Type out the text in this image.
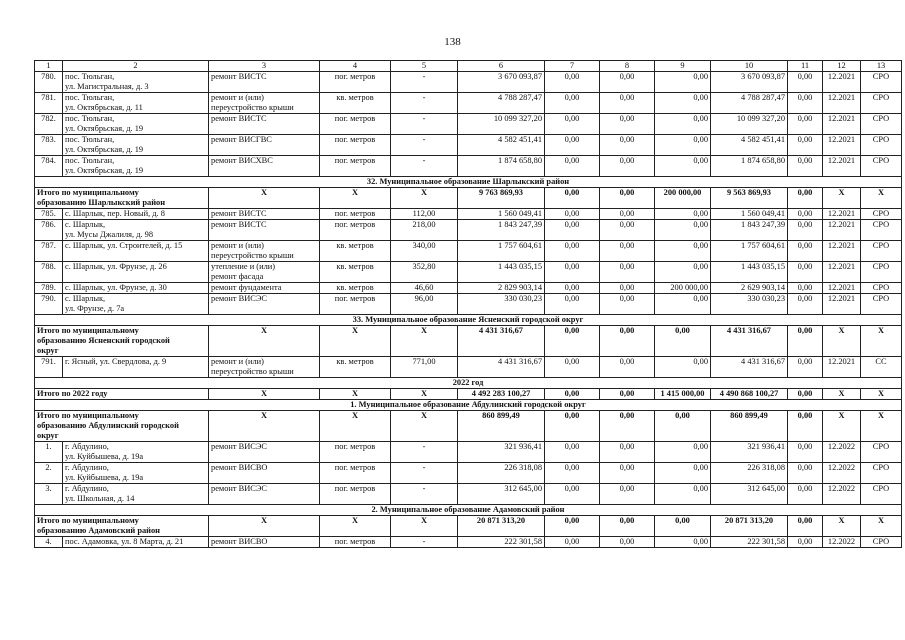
138
1	2	3	4	5	6	7	8	9	10	11	12	13
780.	пос. Тюльган,
ул. Магистральная, д. 3	ремонт ВИСТС	пог. метров	-	3 670 093,87	0,00	0,00	0,00	3 670 093,87	0,00	12.2021	СРО
781.	пос. Тюльган,
ул. Октябрьская, д. 11	ремонт и (или)
переустройство крыши	кв. метров	-	4 788 287,47	0,00	0,00	0,00	4 788 287,47	0,00	12.2021	СРО
782.	пос. Тюльган,
ул. Октябрьская, д. 19	ремонт ВИСТС	пог. метров	-	10 099 327,20	0,00	0,00	0,00	10 099 327,20	0,00	12.2021	СРО
783.	пос. Тюльган,
ул. Октябрьская, д. 19	ремонт ВИСГВС	пог. метров	-	4 582 451,41	0,00	0,00	0,00	4 582 451,41	0,00	12.2021	СРО
784.	пос. Тюльган,
ул. Октябрьская, д. 19	ремонт ВИСХВС	пог. метров	-	1 874 658,80	0,00	0,00	0,00	1 874 658,80	0,00	12.2021	СРО
32. Муниципальное образование Шарлыкский район												
Итого по муниципальному
образованию Шарлыкский район		X	X	X	9 763 869,93	0,00	0,00	200 000,00	9 563 869,93	0,00	X	X
785.	с. Шарлык, пер. Новый, д. 8	ремонт ВИСТС	пог. метров	112,00	1 560 049,41	0,00	0,00	0,00	1 560 049,41	0,00	12.2021	СРО
786.	с. Шарлык,
ул. Мусы Джалиля, д. 98	ремонт ВИСТС	пог. метров	218,00	1 843 247,39	0,00	0,00	0,00	1 843 247,39	0,00	12.2021	СРО
787.	с. Шарлык, ул. Строителей, д. 15	ремонт и (или)
переустройство крыши	кв. метров	340,00	1 757 604,61	0,00	0,00	0,00	1 757 604,61	0,00	12.2021	СРО
788.	с. Шарлык, ул. Фрунзе, д. 26	утепление и (или)
ремонт фасада	кв. метров	352,80	1 443 035,15	0,00	0,00	0,00	1 443 035,15	0,00	12.2021	СРО
789.	с. Шарлык, ул. Фрунзе, д. 30	ремонт фундамента	кв. метров	46,60	2 829 903,14	0,00	0,00	200 000,00	2 629 903,14	0,00	12.2021	СРО
790.	с. Шарлык,
ул. Фрунзе, д. 7а	ремонт ВИСЭС	пог. метров	96,00	330 030,23	0,00	0,00	0,00	330 030,23	0,00	12.2021	СРО
33. Муниципальное образование Ясненский городской округ												
Итого по муниципальному
образованию Ясненский городской
округ		X	X	X	4 431 316,67	0,00	0,00	0,00	4 431 316,67	0,00	X	X
791.	г. Ясный, ул. Свердлова, д. 9	ремонт и (или)
переустройство крыши	кв. метров	771,00	4 431 316,67	0,00	0,00	0,00	4 431 316,67	0,00	12.2021	СС
2022 год												
Итого по 2022 году		X	X	X	4 492 283 100,27	0,00	0,00	1 415 000,00	4 490 868 100,27	0,00	X	X
1. Муниципальное образование Абдулинский городской округ												
Итого по муниципальному
образованию Абдулинский городской
округ		X	X	X	860 899,49	0,00	0,00	0,00	860 899,49	0,00	X	X
1.	г. Абдулино,
ул. Куйбышева, д. 19а	ремонт ВИСЭС	пог. метров	-	321 936,41	0,00	0,00	0,00	321 936,41	0,00	12.2022	СРО
2.	г. Абдулино,
ул. Куйбышева, д. 19а	ремонт ВИСВО	пог. метров	-	226 318,08	0,00	0,00	0,00	226 318,08	0,00	12.2022	СРО
3.	г. Абдулино,
ул. Школьная, д. 14	ремонт ВИСЭС	пог. метров	-	312 645,00	0,00	0,00	0,00	312 645,00	0,00	12.2022	СРО
2. Муниципальное образование Адамовский район												
Итого по муниципальному
образованию Адамовский район		X	X	X	20 871 313,20	0,00	0,00	0,00	20 871 313,20	0,00	X	X
4.	пос. Адамовка, ул. 8 Марта, д. 21	ремонт ВИСВО	пог. метров	-	222 301,58	0,00	0,00	0,00	222 301,58	0,00	12.2022	СРО
